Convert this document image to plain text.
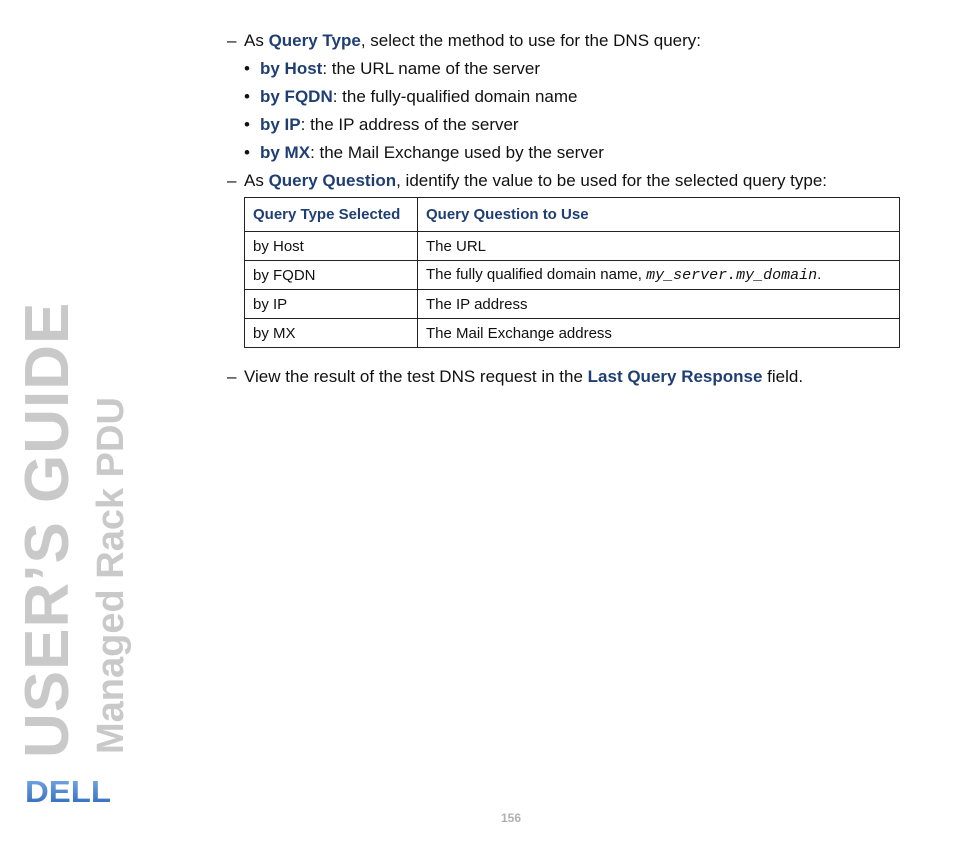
– As Query Type, select the method to use for the DNS query:
• by Host: the URL name of the server
• by FQDN: the fully-qualified domain name
• by IP: the IP address of the server
• by MX: the Mail Exchange used by the server
– As Query Question, identify the value to be used for the selected query type:
Query Type Selected	Query Question to Use
by Host	The URL
by FQDN	The fully qualified domain name, my_server.my_domain.
by IP	The IP address
by MX	The Mail Exchange address
– View the result of the test DNS request in the Last Query Response field.
USER’S GUIDE Managed Rack PDU
DELL
156
